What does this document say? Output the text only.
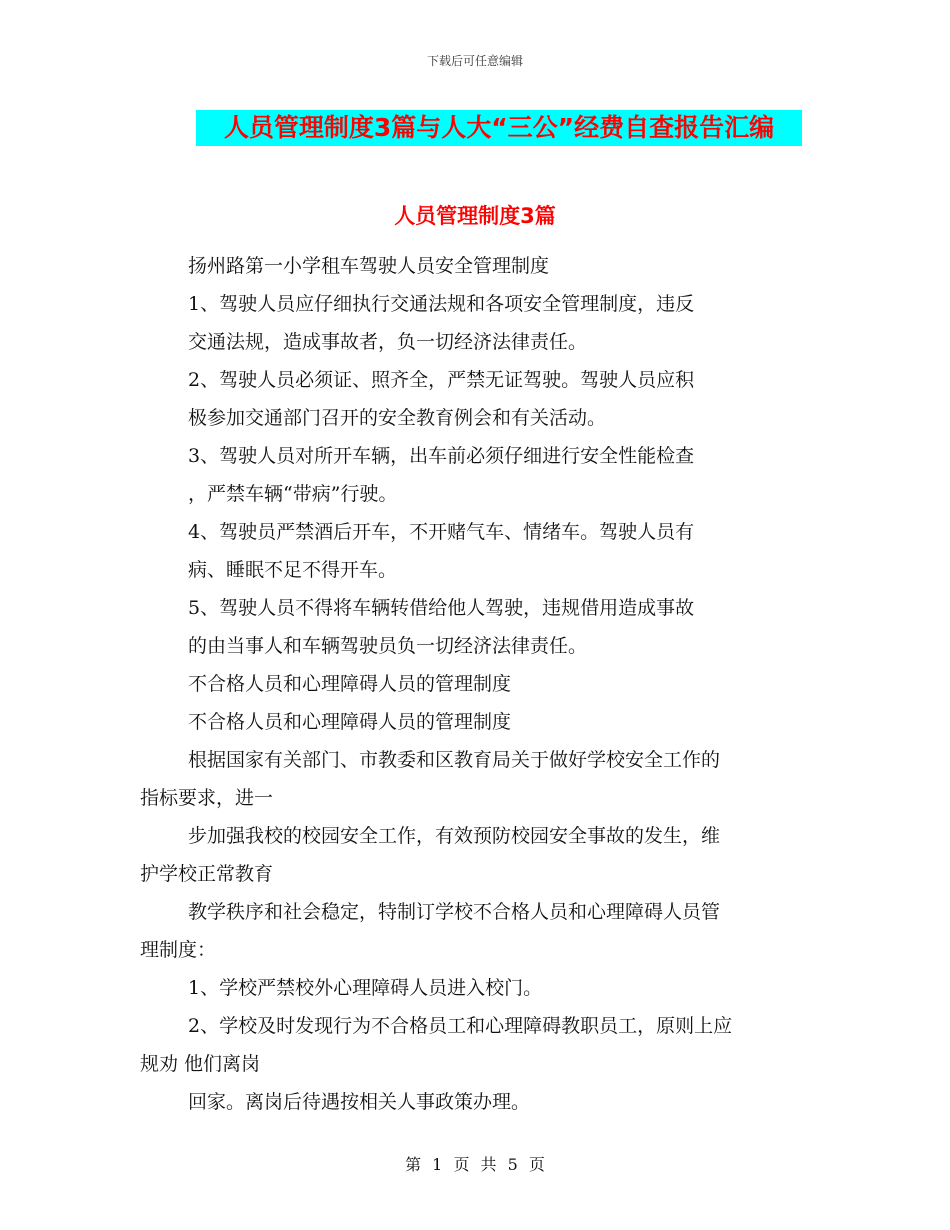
下载后可任意编辑
人员管理制度3篇与人大“三公”经费自查报告汇编
人员管理制度3篇
扬州路第一小学租车驾驶人员安全管理制度
1、驾驶人员应仔细执行交通法规和各项安全管理制度，违反
交通法规，造成事故者，负一切经济法律责任。
2、驾驶人员必须证、照齐全，严禁无证驾驶。驾驶人员应积
极参加交通部门召开的安全教育例会和有关活动。
3、驾驶人员对所开车辆，出车前必须仔细进行安全性能检查
，严禁车辆“带病”行驶。
4、驾驶员严禁酒后开车，不开赌气车、情绪车。驾驶人员有
病、睡眠不足不得开车。
5、驾驶人员不得将车辆转借给他人驾驶，违规借用造成事故
的由当事人和车辆驾驶员负一切经济法律责任。
不合格人员和心理障碍人员的管理制度
不合格人员和心理障碍人员的管理制度
根据国家有关部门、市教委和区教育局关于做好学校安全工作的
指标要求，进一
步加强我校的校园安全工作，有效预防校园安全事故的发生，维
护学校正常教育
教学秩序和社会稳定，特制订学校不合格人员和心理障碍人员管
理制度：
1、学校严禁校外心理障碍人员进入校门。
2、学校及时发现行为不合格员工和心理障碍教职员工，原则上应
规劝 他们离岗
回家。离岗后待遇按相关人事政策办理。
第 1 页 共 5 页
